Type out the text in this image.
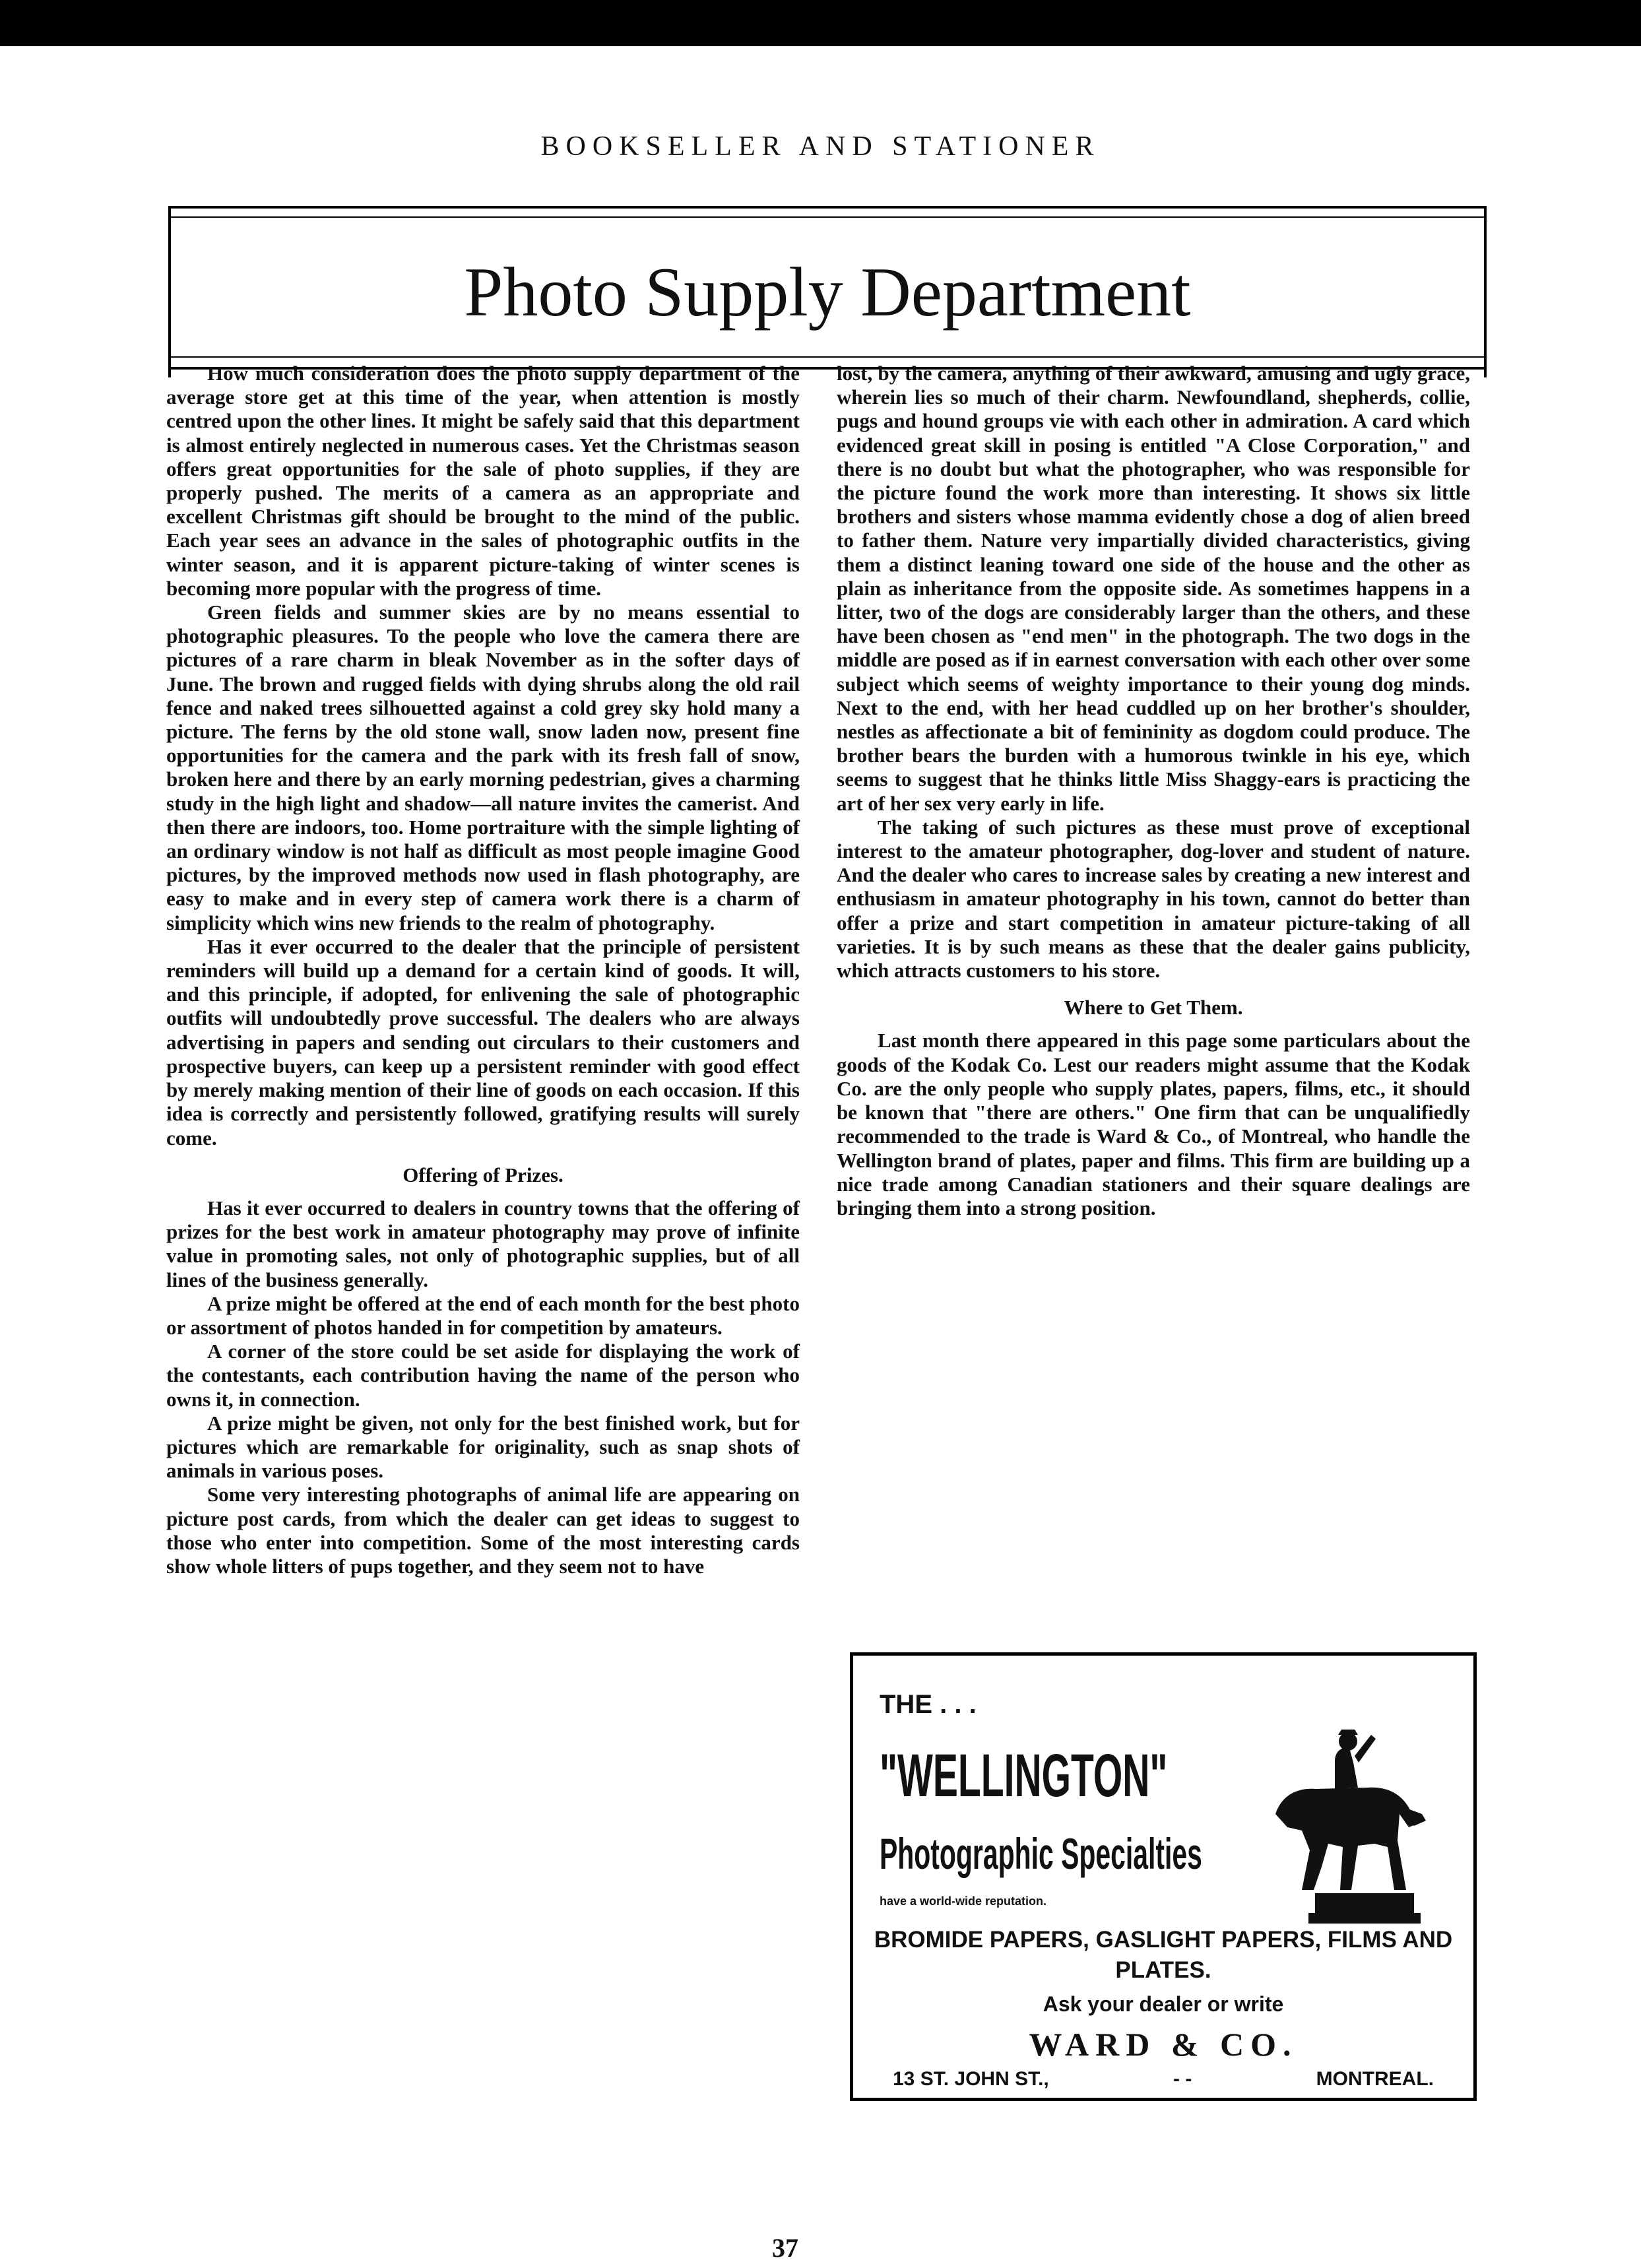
BOOKSELLER AND STATIONER
Photo Supply Department

How much consideration does the photo supply department of the average store get at this time of the year, when attention is mostly centred upon the other lines. It might be safely said that this department is almost entirely neglected in numerous cases. Yet the Christmas season offers great opportunities for the sale of photo supplies, if they are properly pushed. The merits of a camera as an appropriate and excellent Christmas gift should be brought to the mind of the public. Each year sees an advance in the sales of photographic outfits in the winter season, and it is apparent picture-taking of winter scenes is becoming more popular with the progress of time.

Green fields and summer skies are by no means essential to photographic pleasures. To the people who love the camera there are pictures of a rare charm in bleak November as in the softer days of June. The brown and rugged fields with dying shrubs along the old rail fence and naked trees silhouetted against a cold grey sky hold many a picture. The ferns by the old stone wall, snow laden now, present fine opportunities for the camera and the park with its fresh fall of snow, broken here and there by an early morning pedestrian, gives a charming study in the high light and shadow—all nature invites the camerist. And then there are indoors, too. Home portraiture with the simple lighting of an ordinary window is not half as difficult as most people imagine Good pictures, by the improved methods now used in flash photography, are easy to make and in every step of camera work there is a charm of simplicity which wins new friends to the realm of photography.

Has it ever occurred to the dealer that the principle of persistent reminders will build up a demand for a certain kind of goods. It will, and this principle, if adopted, for enlivening the sale of photographic outfits will undoubtedly prove successful. The dealers who are always advertising in papers and sending out circulars to their customers and prospective buyers, can keep up a persistent reminder with good effect by merely making mention of their line of goods on each occasion. If this idea is correctly and persistently followed, gratifying results will surely come.

Offering of Prizes.

Has it ever occurred to dealers in country towns that the offering of prizes for the best work in amateur photography may prove of infinite value in promoting sales, not only of photographic supplies, but of all lines of the business generally.

A prize might be offered at the end of each month for the best photo or assortment of photos handed in for competition by amateurs.

A corner of the store could be set aside for displaying the work of the contestants, each contribution having the name of the person who owns it, in connection.

A prize might be given, not only for the best finished work, but for pictures which are remarkable for originality, such as snap shots of animals in various poses.

Some very interesting photographs of animal life are appearing on picture post cards, from which the dealer can get ideas to suggest to those who enter into competition. Some of the most interesting cards show whole litters of pups together, and they seem not to have

lost, by the camera, anything of their awkward, amusing and ugly grace, wherein lies so much of their charm. Newfoundland, shepherds, collie, pugs and hound groups vie with each other in admiration. A card which evidenced great skill in posing is entitled "A Close Corporation," and there is no doubt but what the photographer, who was responsible for the picture found the work more than interesting. It shows six little brothers and sisters whose mamma evidently chose a dog of alien breed to father them. Nature very impartially divided characteristics, giving them a distinct leaning toward one side of the house and the other as plain as inheritance from the opposite side. As sometimes happens in a litter, two of the dogs are considerably larger than the others, and these have been chosen as "end men" in the photograph. The two dogs in the middle are posed as if in earnest conversation with each other over some subject which seems of weighty importance to their young dog minds. Next to the end, with her head cuddled up on her brother's shoulder, nestles as affectionate a bit of femininity as dogdom could produce. The brother bears the burden with a humorous twinkle in his eye, which seems to suggest that he thinks little Miss Shaggy-ears is practicing the art of her sex very early in life.

The taking of such pictures as these must prove of exceptional interest to the amateur photographer, dog-lover and student of nature. And the dealer who cares to increase sales by creating a new interest and enthusiasm in amateur photography in his town, cannot do better than offer a prize and start competition in amateur picture-taking of all varieties. It is by such means as these that the dealer gains publicity, which attracts customers to his store.

Where to Get Them.

Last month there appeared in this page some particulars about the goods of the Kodak Co. Lest our readers might assume that the Kodak Co. are the only people who supply plates, papers, films, etc., it should be known that "there are others." One firm that can be unqualifiedly recommended to the trade is Ward & Co., of Montreal, who handle the Wellington brand of plates, paper and films. This firm are building up a nice trade among Canadian stationers and their square dealings are bringing them into a strong position.

THE . . .
"WELLINGTON"
Photographic Specialties
have a world-wide reputation.
BROMIDE PAPERS, GASLIGHT PAPERS, FILMS AND PLATES.
Ask your dealer or write
WARD & CO.
13 ST. JOHN ST.,	- -	MONTREAL.
37
